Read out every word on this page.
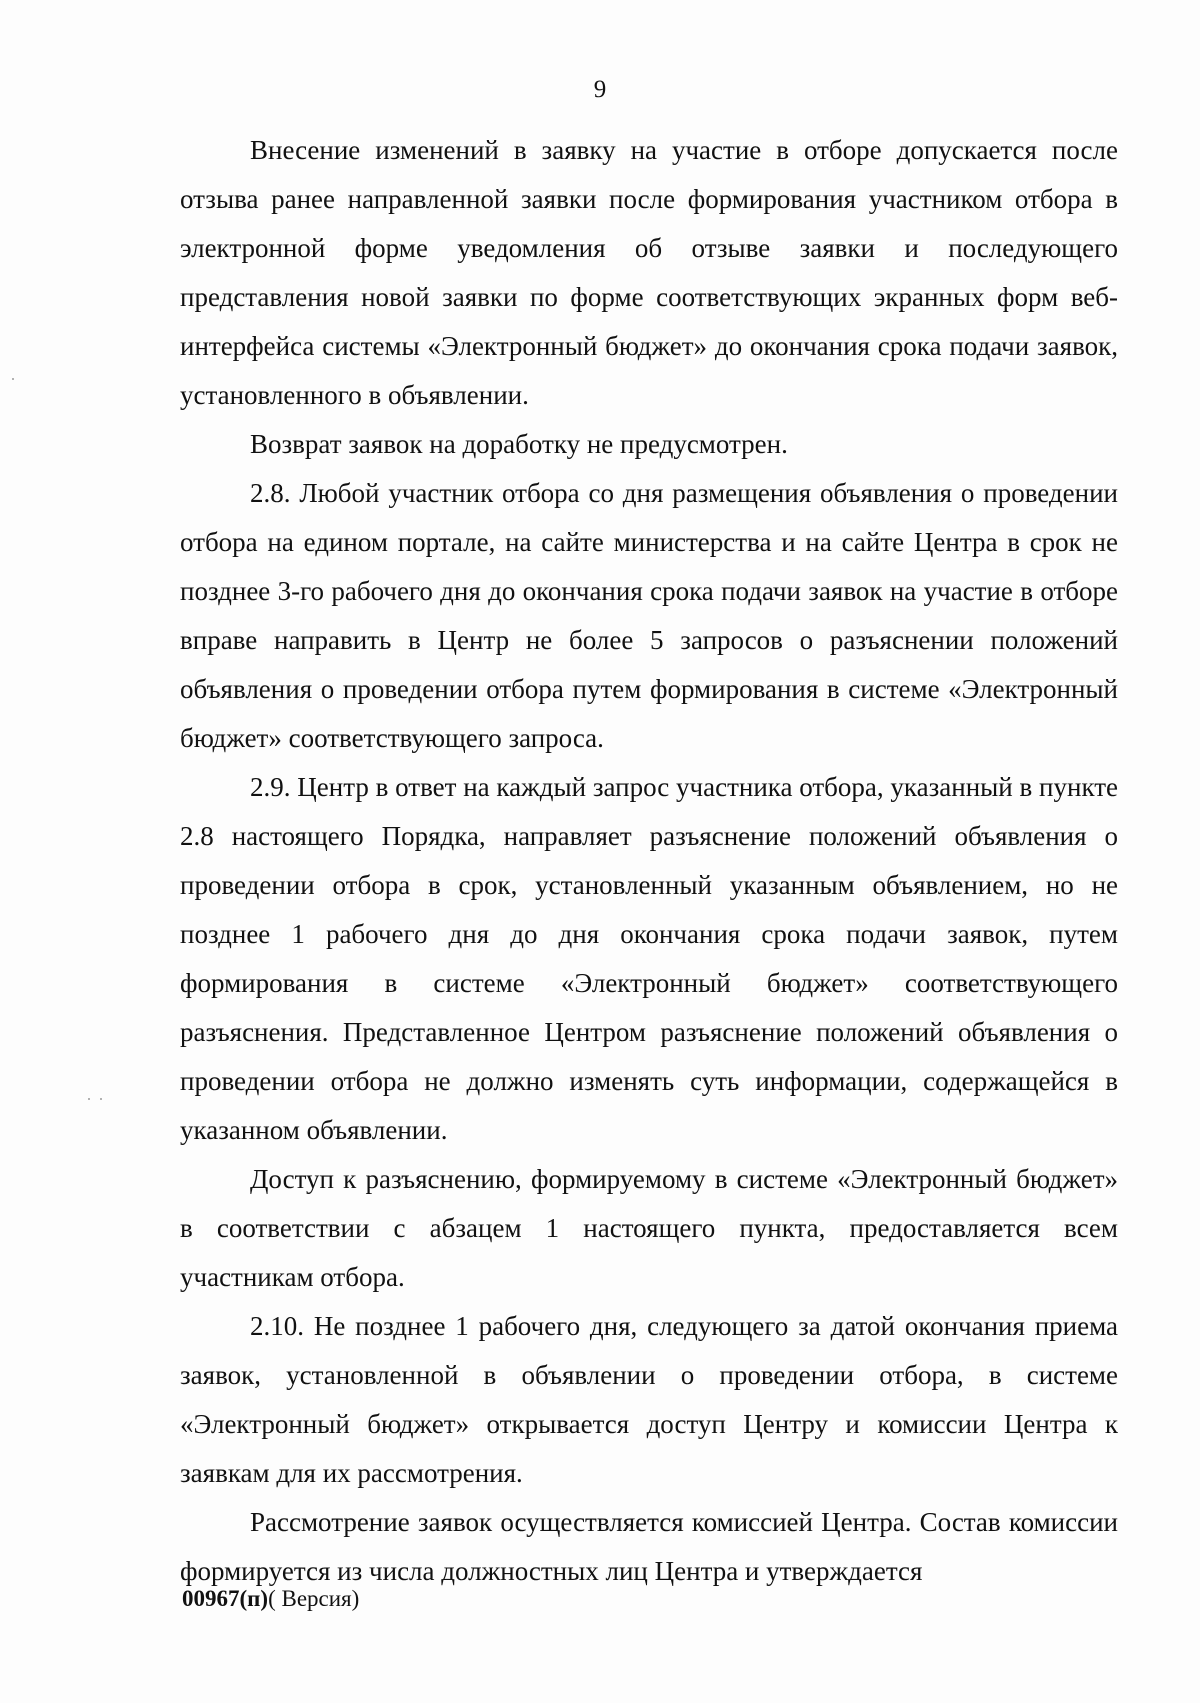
9

Внесение изменений в заявку на участие в отборе допускается после отзыва ранее направленной заявки после формирования участником отбора в электронной форме уведомления об отзыве заявки и последующего представления новой заявки по форме соответствующих экранных форм веб-интерфейса системы «Электронный бюджет» до окончания срока подачи заявок, установленного в объявлении.

Возврат заявок на доработку не предусмотрен.

2.8. Любой участник отбора со дня размещения объявления о проведении отбора на едином портале, на сайте министерства и на сайте Центра в срок не позднее 3-го рабочего дня до окончания срока подачи заявок на участие в отборе вправе направить в Центр не более 5 запросов о разъяснении положений объявления о проведении отбора путем формирования в системе «Электронный бюджет» соответствующего запроса.

2.9. Центр в ответ на каждый запрос участника отбора, указанный в пункте 2.8 настоящего Порядка, направляет разъяснение положений объявления о проведении отбора в срок, установленный указанным объявлением, но не позднее 1 рабочего дня до дня окончания срока подачи заявок, путем формирования в системе «Электронный бюджет» соответствующего разъяснения. Представленное Центром разъяснение положений объявления о проведении отбора не должно изменять суть информации, содержащейся в указанном объявлении.

Доступ к разъяснению, формируемому в системе «Электронный бюджет» в соответствии с абзацем 1 настоящего пункта, предоставляется всем участникам отбора.

2.10. Не позднее 1 рабочего дня, следующего за датой окончания приема заявок, установленной в объявлении о проведении отбора, в системе «Электронный бюджет» открывается доступ Центру и комиссии Центра к заявкам для их рассмотрения.

Рассмотрение заявок осуществляется комиссией Центра. Состав комиссии формируется из числа должностных лиц Центра и утверждается

00967(п)( Версия)
